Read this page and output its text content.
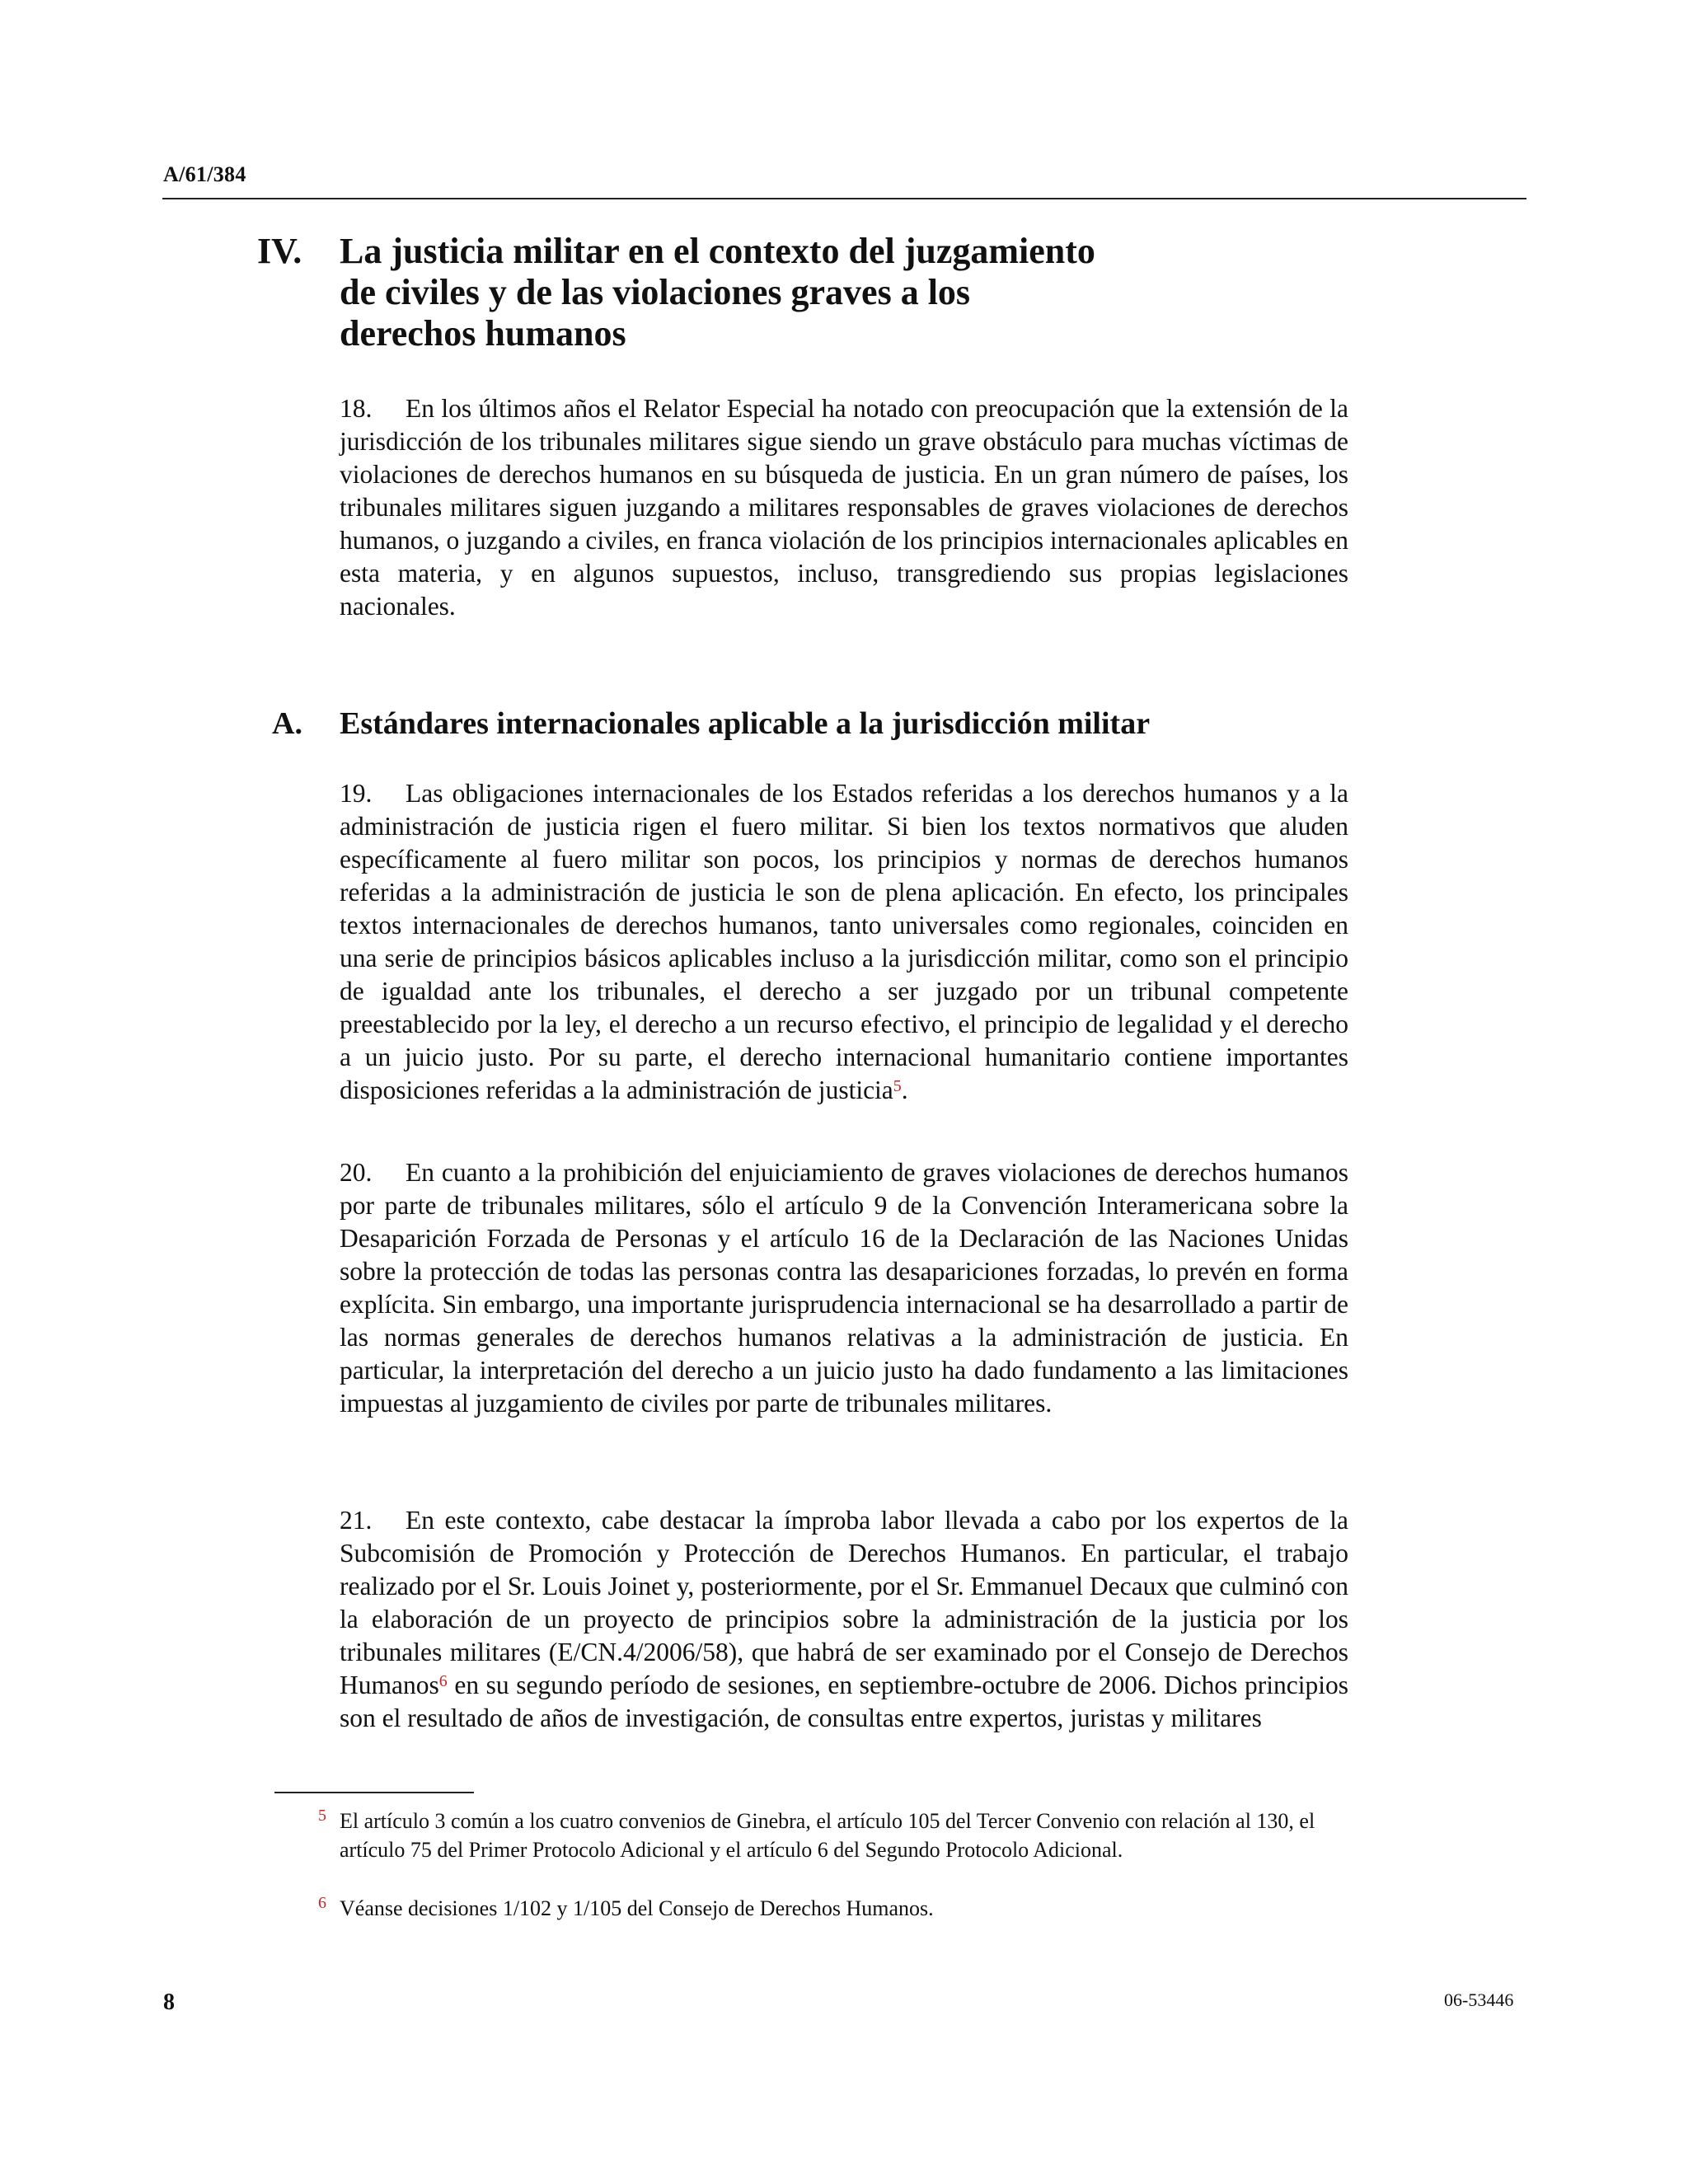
A/61/384
IV. La justicia militar en el contexto del juzgamiento
de civiles y de las violaciones graves a los
derechos humanos
18. En los últimos años el Relator Especial ha notado con preocupación que la extensión de la jurisdicción de los tribunales militares sigue siendo un grave obstáculo para muchas víctimas de violaciones de derechos humanos en su búsqueda de justicia. En un gran número de países, los tribunales militares siguen juzgando a militares responsables de graves violaciones de derechos humanos, o juzgando a civiles, en franca violación de los principios internacionales aplicables en esta materia, y en algunos supuestos, incluso, transgrediendo sus propias legislaciones nacionales.
A. Estándares internacionales aplicable a la jurisdicción militar
19. Las obligaciones internacionales de los Estados referidas a los derechos humanos y a la administración de justicia rigen el fuero militar. Si bien los textos normativos que aluden específicamente al fuero militar son pocos, los principios y normas de derechos humanos referidas a la administración de justicia le son de plena aplicación. En efecto, los principales textos internacionales de derechos humanos, tanto universales como regionales, coinciden en una serie de principios básicos aplicables incluso a la jurisdicción militar, como son el principio de igualdad ante los tribunales, el derecho a ser juzgado por un tribunal competente preestablecido por la ley, el derecho a un recurso efectivo, el principio de legalidad y el derecho a un juicio justo. Por su parte, el derecho internacional humanitario contiene importantes disposiciones referidas a la administración de justicia$^5$.
20. En cuanto a la prohibición del enjuiciamiento de graves violaciones de derechos humanos por parte de tribunales militares, sólo el artículo 9 de la Convención Interamericana sobre la Desaparición Forzada de Personas y el artículo 16 de la Declaración de las Naciones Unidas sobre la protección de todas las personas contra las desapariciones forzadas, lo prevén en forma explícita. Sin embargo, una importante jurisprudencia internacional se ha desarrollado a partir de las normas generales de derechos humanos relativas a la administración de justicia. En particular, la interpretación del derecho a un juicio justo ha dado fundamento a las limitaciones impuestas al juzgamiento de civiles por parte de tribunales militares.
21. En este contexto, cabe destacar la ímproba labor llevada a cabo por los expertos de la Subcomisión de Promoción y Protección de Derechos Humanos. En particular, el trabajo realizado por el Sr. Louis Joinet y, posteriormente, por el Sr. Emmanuel Decaux que culminó con la elaboración de un proyecto de principios sobre la administración de la justicia por los tribunales militares (E/CN.4/2006/58), que habrá de ser examinado por el Consejo de Derechos Humanos$^6$ en su segundo período de sesiones, en septiembre-octubre de 2006. Dichos principios son el resultado de años de investigación, de consultas entre expertos, juristas y militares
5 El artículo 3 común a los cuatro convenios de Ginebra, el artículo 105 del Tercer Convenio con relación al 130, el artículo 75 del Primer Protocolo Adicional y el artículo 6 del Segundo Protocolo Adicional.
6 Véanse decisiones 1/102 y 1/105 del Consejo de Derechos Humanos.
8	06-53446
